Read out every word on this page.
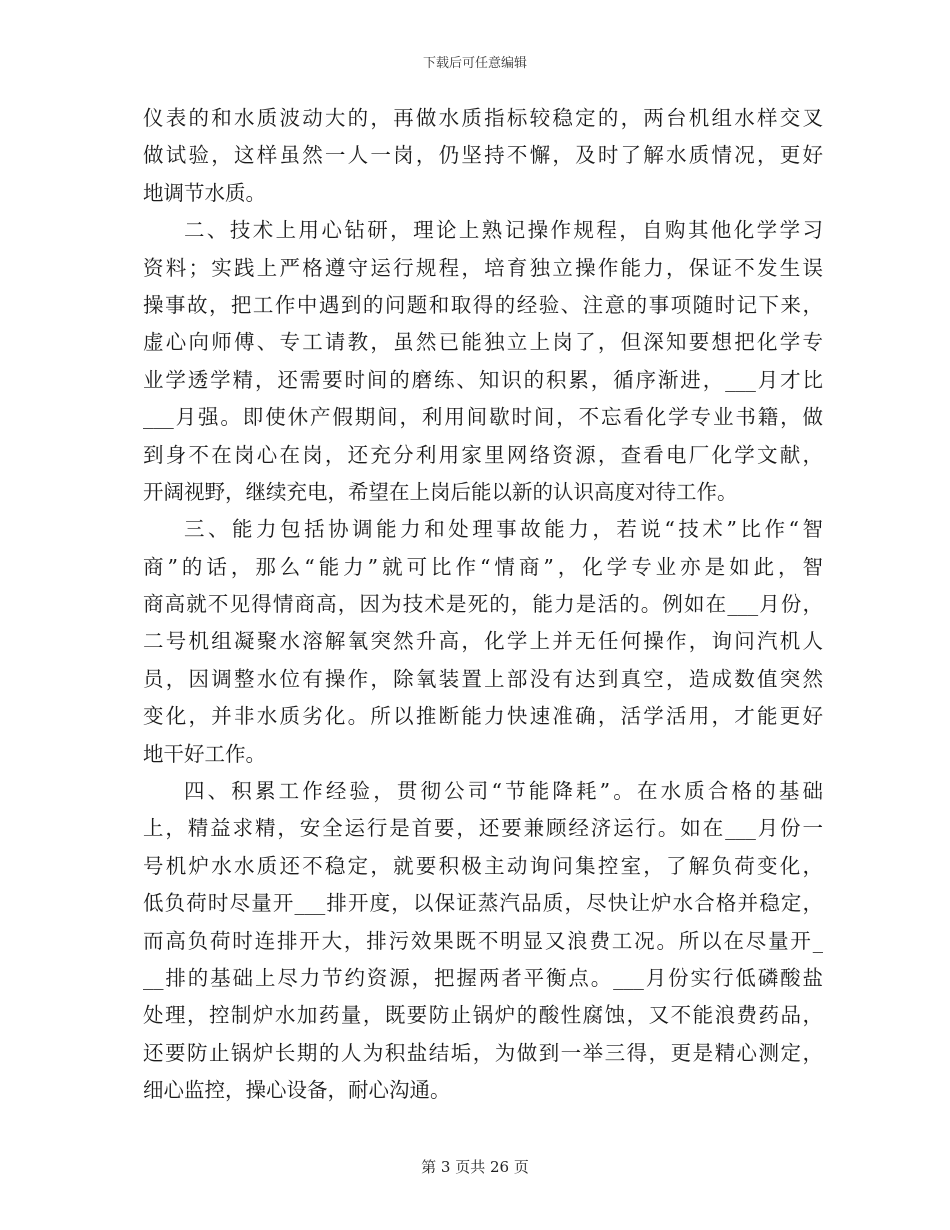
下载后可任意编辑
仪表的和水质波动大的，再做水质指标较稳定的，两台机组水样交叉
做试验，这样虽然一人一岗，仍坚持不懈，及时了解水质情况，更好
地调节水质。
二、技术上用心钻研，理论上熟记操作规程，自购其他化学学习
资料；实践上严格遵守运行规程，培育独立操作能力，保证不发生误
操事故，把工作中遇到的问题和取得的经验、注意的事项随时记下来，
虚心向师傅、专工请教，虽然已能独立上岗了，但深知要想把化学专
业学透学精，还需要时间的磨练、知识的积累，循序渐进，___月才比
___月强。即使休产假期间，利用间歇时间，不忘看化学专业书籍，做
到身不在岗心在岗，还充分利用家里网络资源，查看电厂化学文献，
开阔视野，继续充电，希望在上岗后能以新的认识高度对待工作。
三、能力包括协调能力和处理事故能力，若说“技术”比作“智
商”的话，那么“能力”就可比作“情商”，化学专业亦是如此，智
商高就不见得情商高，因为技术是死的，能力是活的。例如在___月份，
二号机组凝聚水溶解氧突然升高，化学上并无任何操作，询问汽机人
员，因调整水位有操作，除氧装置上部没有达到真空，造成数值突然
变化，并非水质劣化。所以推断能力快速准确，活学活用，才能更好
地干好工作。
四、积累工作经验，贯彻公司“节能降耗”。在水质合格的基础
上，精益求精，安全运行是首要，还要兼顾经济运行。如在___月份一
号机炉水水质还不稳定，就要积极主动询问集控室，了解负荷变化，
低负荷时尽量开___排开度，以保证蒸汽品质，尽快让炉水合格并稳定，
而高负荷时连排开大，排污效果既不明显又浪费工况。所以在尽量开_
__排的基础上尽力节约资源，把握两者平衡点。___月份实行低磷酸盐
处理，控制炉水加药量，既要防止锅炉的酸性腐蚀，又不能浪费药品，
还要防止锅炉长期的人为积盐结垢，为做到一举三得，更是精心测定，
细心监控，操心设备，耐心沟通。
第 3 页共 26 页
